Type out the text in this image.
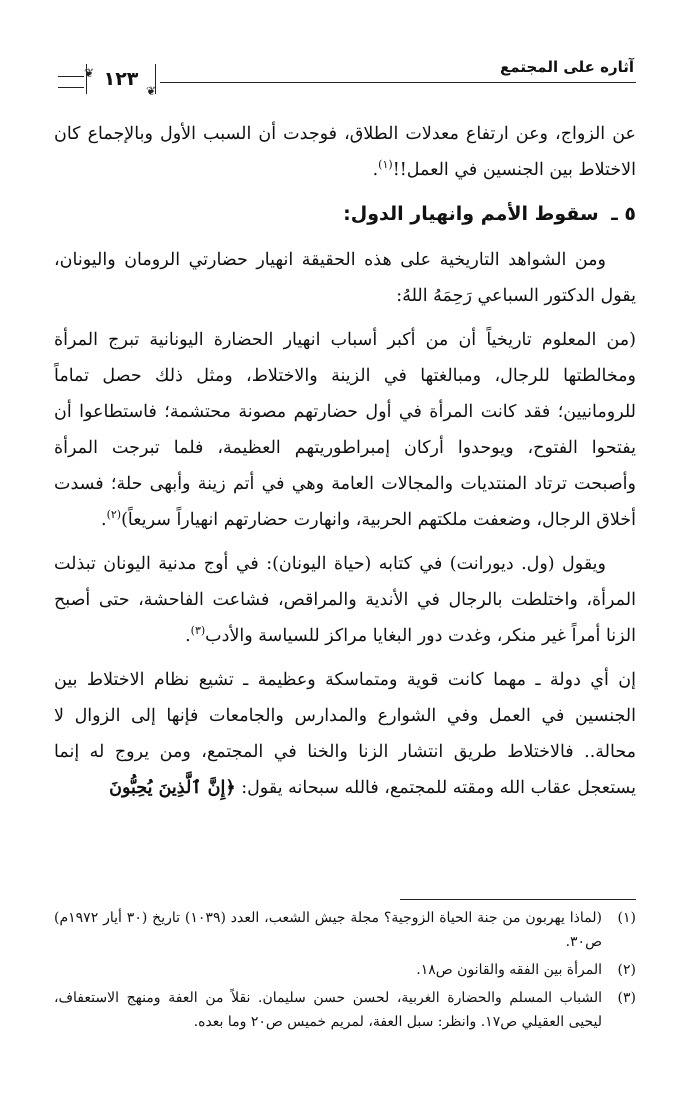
آثاره على المجتمع
❦
❦
١٢٣

عن الزواج، وعن ارتفاع معدلات الطلاق، فوجدت أن السبب الأول وبالإجماع كان الاختلاط بين الجنسين في العمل!!$^{(١)}$.

٥ ـ سقوط الأمم وانهيار الدول:

ومن الشواهد التاريخية على هذه الحقيقة انهيار حضارتي الرومان واليونان، يقول الدكتور السباعي رَحِمَهُ اللهُ:

(من المعلوم تاريخياً أن من أكبر أسباب انهيار الحضارة اليونانية تبرج المرأة ومخالطتها للرجال، ومبالغتها في الزينة والاختلاط، ومثل ذلك حصل تماماً للرومانيين؛ فقد كانت المرأة في أول حضارتهم مصونة محتشمة؛ فاستطاعوا أن يفتحوا الفتوح، ويوحدوا أركان إمبراطوريتهم العظيمة، فلما تبرجت المرأة وأصبحت ترتاد المنتديات والمجالات العامة وهي في أتم زينة وأبهى حلة؛ فسدت أخلاق الرجال، وضعفت ملكتهم الحربية، وانهارت حضارتهم انهياراً سريعاً)$^{(٢)}$.

ويقول (ول. ديورانت) في كتابه (حياة اليونان): في أوج مدنية اليونان تبذلت المرأة، واختلطت بالرجال في الأندية والمراقص، فشاعت الفاحشة، حتى أصبح الزنا أمراً غير منكر، وغدت دور البغايا مراكز للسياسة والأدب$^{(٣)}$.

إن أي دولة ـ مهما كانت قوية ومتماسكة وعظيمة ـ تشيع نظام الاختلاط بين الجنسين في العمل وفي الشوارع والمدارس والجامعات فإنها إلى الزوال لا محالة.. فالاختلاط طريق انتشار الزنا والخنا في المجتمع، ومن يروج له إنما يستعجل عقاب الله ومقته للمجتمع، فالله سبحانه يقول: ﴿إِنَّ ٱلَّذِينَ يُحِبُّونَ

(١)
(لماذا يهربون من جنة الحياة الزوجية؟ مجلة جيش الشعب، العدد (١٠٣٩) تاريخ (٣٠ أيار ١٩٧٢م) ص٣٠.
(٢)
المرأة بين الفقه والقانون ص١٨.
(٣)
الشباب المسلم والحضارة الغربية، لحسن حسن سليمان. نقلاً من العفة ومنهج الاستعفاف، ليحيى العقيلي ص١٧. وانظر: سبل العفة، لمريم خميس ص٢٠ وما بعده.
